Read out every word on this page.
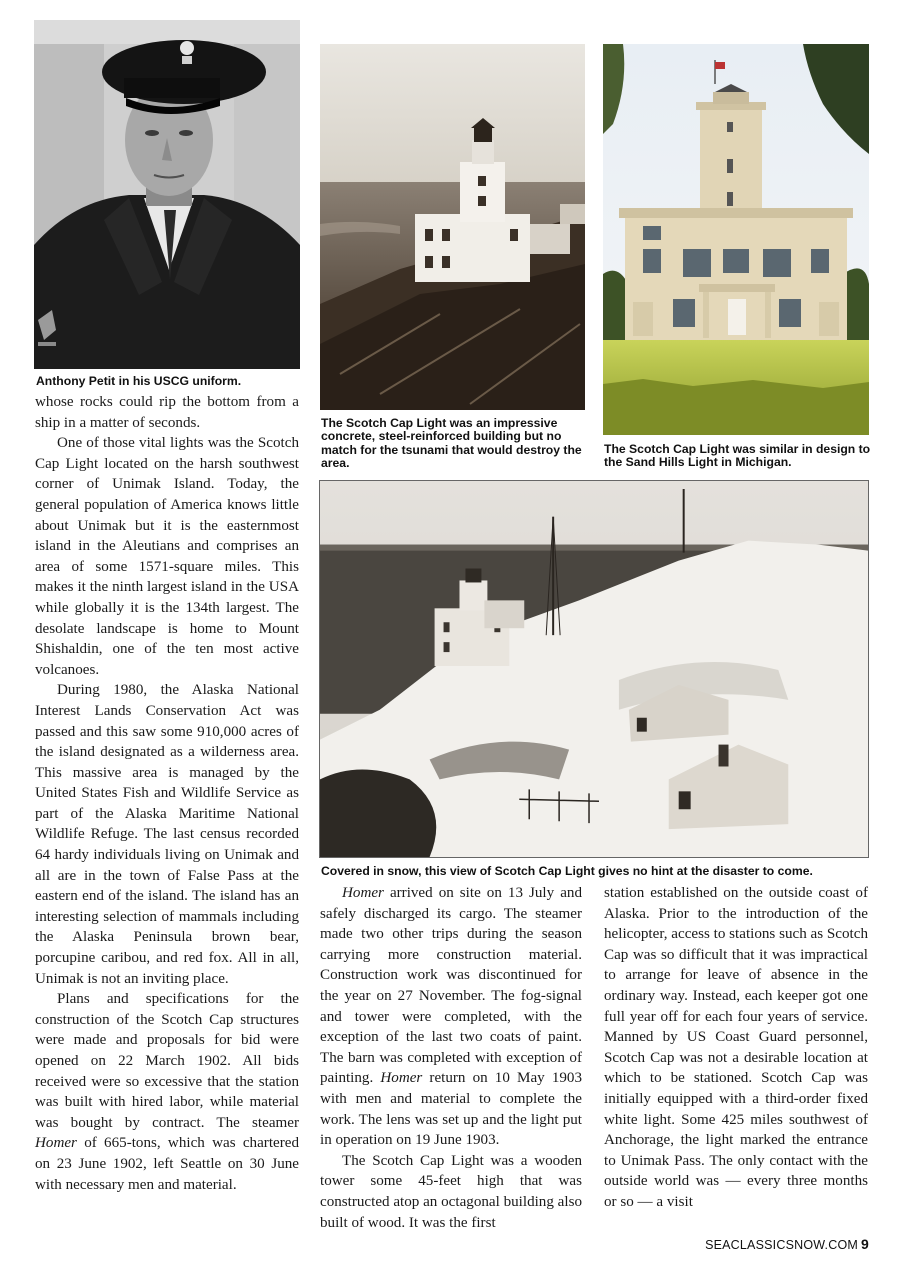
Anthony Petit in his USCG uniform.
The Scotch Cap Light was an impressive concrete, steel-reinforced building but no match for the tsunami that would destroy the area.
The Scotch Cap Light was similar in design to the Sand Hills Light in Michigan.
Covered in snow, this view of Scotch Cap Light gives no hint at the disaster to come.

whose rocks could rip the bottom from a ship in a matter of seconds.

One of those vital lights was the Scotch Cap Light located on the harsh southwest corner of Unimak Island. Today, the general population of America knows little about Unimak but it is the easternmost island in the Aleutians and comprises an area of some 1571-square miles. This makes it the ninth largest island in the USA while globally it is the 134th largest. The desolate landscape is home to Mount Shishaldin, one of the ten most active volcanoes.

During 1980, the Alaska National Interest Lands Conservation Act was passed and this saw some 910,000 acres of the island designated as a wilderness area. This massive area is managed by the United States Fish and Wildlife Service as part of the Alaska Maritime National Wildlife Refuge. The last census recorded 64 hardy individuals living on Unimak and all are in the town of False Pass at the eastern end of the island. The island has an interesting selection of mammals including the Alaska Peninsula brown bear, porcupine caribou, and red fox. All in all, Unimak is not an inviting place.

Plans and specifications for the construction of the Scotch Cap structures were made and proposals for bid were opened on 22 March 1902. All bids received were so excessive that the station was built with hired labor, while material was bought by contract. The steamer Homer of 665-tons, which was chartered on 23 June 1902, left Seattle on 30 June with necessary men and material.

Homer arrived on site on 13 July and safely discharged its cargo. The steamer made two other trips during the season carrying more construction material. Construction work was discontinued for the year on 27 November. The fog-signal and tower were completed, with the exception of the last two coats of paint. The barn was completed with exception of painting. Homer return on 10 May 1903 with men and material to complete the work. The lens was set up and the light put in operation on 19 June 1903.

The Scotch Cap Light was a wooden tower some 45-feet high that was constructed atop an octagonal building also built of wood. It was the first

station established on the outside coast of Alaska. Prior to the introduction of the helicopter, access to stations such as Scotch Cap was so difficult that it was impractical to arrange for leave of absence in the ordinary way. Instead, each keeper got one full year off for each four years of service. Manned by US Coast Guard personnel, Scotch Cap was not a desirable location at which to be stationed. Scotch Cap was initially equipped with a third-order fixed white light. Some 425 miles southwest of Anchorage, the light marked the entrance to Unimak Pass. The only contact with the outside world was — every three months or so — a visit

SEACLASSICSNOW.COM 9
